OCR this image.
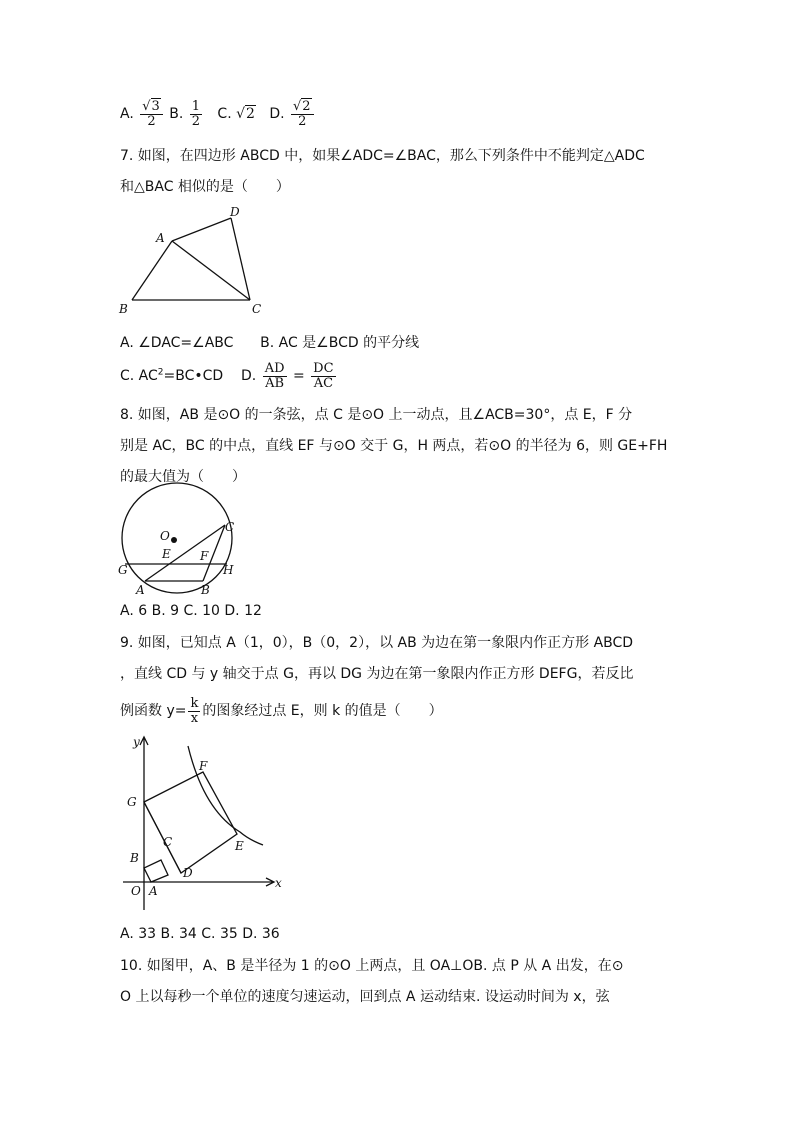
A. $\frac{√3}{2} B$. $\frac{1}{2} C$. √2 D. $\frac{√2}{2}$
7. 如图，在四边形 ABCD 中，如果∠ADC=∠BAC，那么下列条件中不能判定△ADC
和△BAC 相似的是（　　）
A
D
B	C
A. ∠DAC=∠ABC B. AC 是∠BCD 的平分线
C. $AC^2=BC•CD$ D. $\frac{AD}{AB} = \frac{DC}{AC}$
8. 如图，AB 是⊙O 的一条弦，点 C 是⊙O 上一动点，且∠ACB=30°，点 E，F 分
别是 AC，BC 的中点，直线 EF 与⊙O 交于 G，H 两点，若⊙O 的半径为 6，则 GE+FH
的最大值为（　　）
O
C
E F
G	H
A	B
A. 6 B. 9 C. 10 D. 12
9. 如图，已知点 A（1，0），B（0，2），以 AB 为边在第一象限内作正方形 ABCD
，直线 CD 与 y 轴交于点 G，再以 DG 为边在第一象限内作正方形 DEFG，若反比
例函数 $y= \frac{k}{x}$ 的图象经过点 E，则 k 的值是（　　）
y
x
O A
B
C
D
E
F
G
A. 33 B. 34 C. 35 D. 36
10. 如图甲，A、B 是半径为 1 的⊙O 上两点，且 OA⊥OB. 点 P 从 A 出发，在⊙
O 上以每秒一个单位的速度匀速运动，回到点 A 运动结束. 设运动时间为 x，弦
